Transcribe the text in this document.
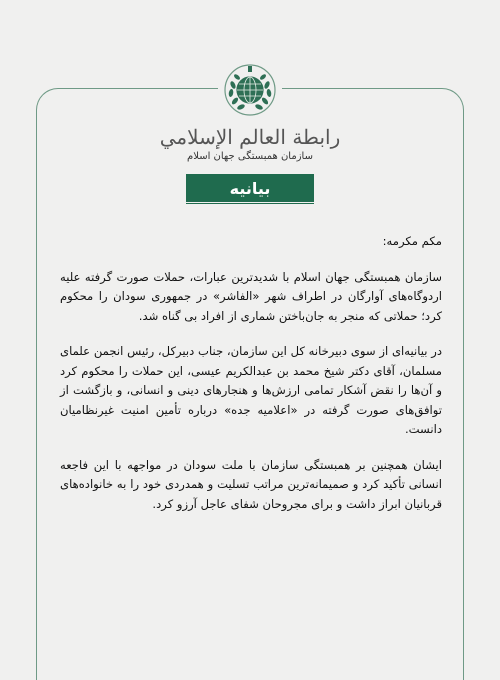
رابطة العالم الإسلامي
سازمان همبستگی جهان اسلام
بیانیه

مکم مکرمه:

سازمان همبستگی جهان اسلام با شدیدترین عبارات، حملات صورت گرفته علیه اردوگاه‌های آوارگان در اطراف شهر «الفاشر» در جمهوری سودان را محکوم کرد؛ حملاتی که منجر به جان‌باختن شماری از افراد بی گناه شد.

در بیانیه‌ای از سوی دبیرخانه کل این سازمان، جناب دبیرکل، رئیس انجمن علمای مسلمان، آقای دکتر شیخ محمد بن عبدالکریم عیسی، این حملات را محکوم کرد و آن‌ها را نقض آشکار تمامی ارزش‌ها و هنجارهای دینی و انسانی، و بازگشت از توافق‌های صورت گرفته در «اعلامیه جده» درباره تأمین امنیت غیرنظامیان دانست.

ایشان همچنین بر همبستگی سازمان با ملت سودان در مواجهه با این فاجعه انسانی تأکید کرد و صمیمانه‌ترین مراتب تسلیت و همدردی خود را به خانواده‌های قربانیان ابراز داشت و برای مجروحان شفای عاجل آرزو کرد.
